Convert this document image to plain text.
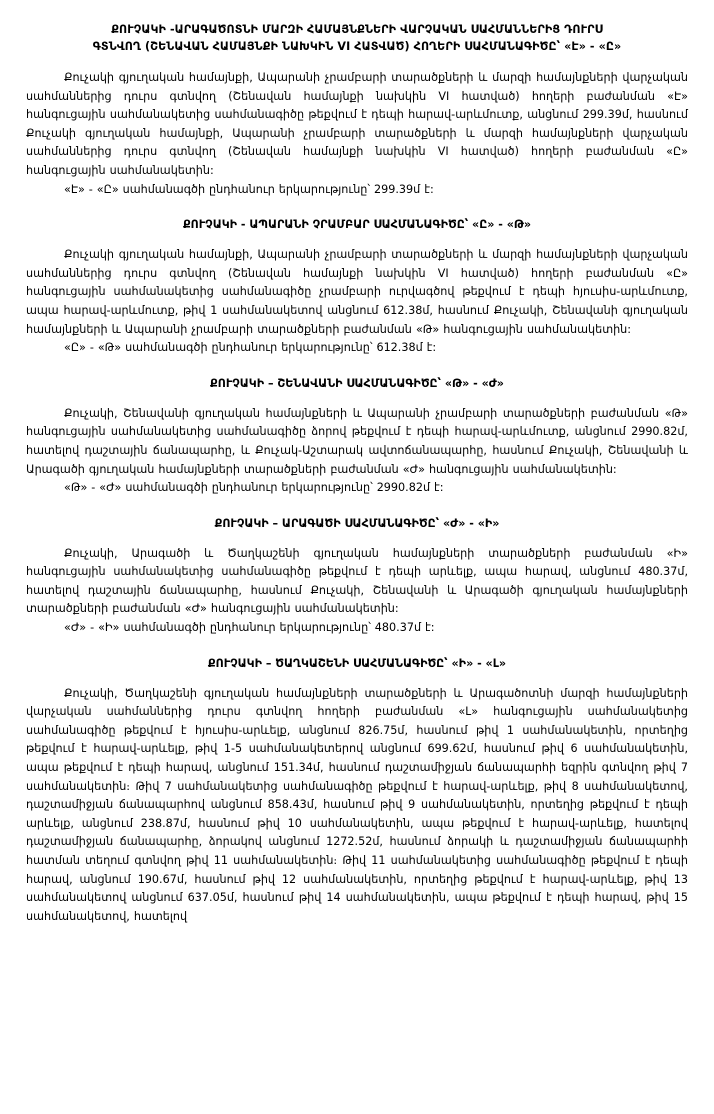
ՔՈՒՉԱԿԻ -ԱՐԱԳԱԾՈՏՆԻ ՄԱՐԶԻ ՀԱՄԱՅՆՔՆԵՐԻ ՎԱՐՉԱԿԱՆ ՍԱՀՄԱՆՆԵՐԻՑ ԴՈՒՐՍ
ԳՏՆՎՈՂ (ՇԵՆԱՎԱՆ ՀԱՄԱՅՆՔԻ ՆԱԽԿԻՆ VI ՀԱՏՎԱԾ) ՀՈՂԵՐԻ ՍԱՀՄԱՆԱԳԻԾԸ՝ «Է» - «Ը»

Քուչակի գյուղական համայնքի, Ապարանի չրամբարի տարածքների և մարզի համայնքների վարչական սահմաններից դուրս գտնվող (Շենավան համայնքի նախկին VI հատված) հողերի բաժանման «Է» հանգուցային սահմանակետից սահմանագիծը թեքվում է դեպի հարավ-արևմուտք, անցնում 299.39մ, հասնում Քուչակի գյուղական համայնքի, Ապարանի չրամբարի տարածքների և մարզի համայնքների վարչական սահմաններից դուրս գտնվող (Շենավան համայնքի նախկին VI հատված) հողերի բաժանման «Ը» հանգուցային սահմանակետին:

«Է» - «Ը» սահմանագծի ընդհանուր երկարությունը՝ 299.39մ է:

ՔՈՒՉԱԿԻ - ԱՊԱՐԱՆԻ ՉՐԱՄԲԱՐ ՍԱՀՄԱՆԱԳԻԾԸ՝ «Ը» - «Թ»

Քուչակի գյուղական համայնքի, Ապարանի չրամբարի տարածքների և մարզի համայնքների վարչական սահմաններից դուրս գտնվող (Շենավան համայնքի նախկին VI հատված) հողերի բաժանման «Ը» հանգուցային սահմանակետից սահմանագիծը չրամբարի ուրվագծով թեքվում է դեպի հյուսիս-արևմուտք, ապա հարավ-արևմուտք, թիվ 1 սահմանակետով անցնում 612.38մ, հասնում Քուչակի, Շենավանի գյուղական համայնքների և Ապարանի չրամբարի տարածքների բաժանման «Թ» հանգուցային սահմանակետին:

«Ը» - «Թ» սահմանագծի ընդհանուր երկարությունը՝ 612.38մ է:

ՔՈՒՉԱԿԻ – ՇԵՆԱՎԱՆԻ ՍԱՀՄԱՆԱԳԻԾԸ՝ «Թ» - «Ժ»

Քուչակի, Շենավանի գյուղական համայնքների և Ապարանի չրամբարի տարածքների բաժանման «Թ» հանգուցային սահմանակետից սահմանագիծը ձորով թեքվում է դեպի հարավ-արևմուտք, անցնում 2990.82մ, հատելով դաշտային ճանապարհը, և Քուչակ-Աշտարակ ավտոճանապարհը, հասնում Քուչակի, Շենավանի և Արագածի գյուղական համայնքների տարածքների բաժանման «Ժ» հանգուցային սահմանակետին:

«Թ» - «Ժ» սահմանագծի ընդհանուր երկարությունը՝ 2990.82մ է:

ՔՈՒՉԱԿԻ – ԱՐԱԳԱԾԻ ՍԱՀՄԱՆԱԳԻԾԸ՝ «Ժ» - «Ի»

Քուչակի, Արագածի և Ծաղկաշենի գյուղական համայնքների տարածքների բաժանման «Ի» հանգուցային սահմանակետից սահմանագիծը թեքվում է դեպի արևելք, ապա հարավ, անցնում 480.37մ, հատելով դաշտային ճանապարհը, հասնում Քուչակի, Շենավանի և Արագածի գյուղական համայնքների տարածքների բաժանման «Ժ» հանգուցային սահմանակետին:

«Ժ» - «Ի» սահմանագծի ընդհանուր երկարությունը՝ 480.37մ է:

ՔՈՒՉԱԿԻ – ԾԱՂԿԱՇԵՆԻ ՍԱՀՄԱՆԱԳԻԾԸ՝ «Ի» - «Լ»

Քուչակի, Ծաղկաշենի գյուղական համայնքների տարածքների և Արագածոտնի մարզի համայնքների վարչական սահմաններից դուրս գտնվող հողերի բաժանման «Լ» հանգուցային սահմանակետից սահմանագիծը թեքվում է հյուսիս-արևելք, անցնում 826.75մ, հասնում թիվ 1 սահմանակետին, որտեղից թեքվում է հարավ-արևելք, թիվ 1-5 սահմանակետերով անցնում 699.62մ, հասնում թիվ 6 սահմանակետին, ապա թեքվում է դեպի հարավ, անցնում 151.34մ, հասնում դաշտամիջյան ճանապարհի եզրին գտնվող թիվ 7 սահմանակետին։ Թիվ 7 սահմանակետից սահմանագիծը թեքվում է հարավ-արևելք, թիվ 8 սահմանակետով, դաշտամիջյան ճանապարհով անցնում 858.43մ, հասնում թիվ 9 սահմանակետին, որտեղից թեքվում է դեպի արևելք, անցնում 238.87մ, հասնում թիվ 10 սահմանակետին, ապա թեքվում է հարավ-արևելք, հատելով դաշտամիջյան ճանապարհը, ձորակով անցնում 1272.52մ, հասնում ձորակի և դաշտամիջյան ճանապարհի հատման տեղում գտնվող թիվ 11 սահմանակետին։ Թիվ 11 սահմանակետից սահմանագիծը թեքվում է դեպի հարավ, անցնում 190.67մ, հասնում թիվ 12 սահմանակետին, որտեղից թեքվում է հարավ-արևելք, թիվ 13 սահմանակետով անցնում 637.05մ, հասնում թիվ 14 սահմանակետին, ապա թեքվում է դեպի հարավ, թիվ 15 սահմանակետով, հատելով
